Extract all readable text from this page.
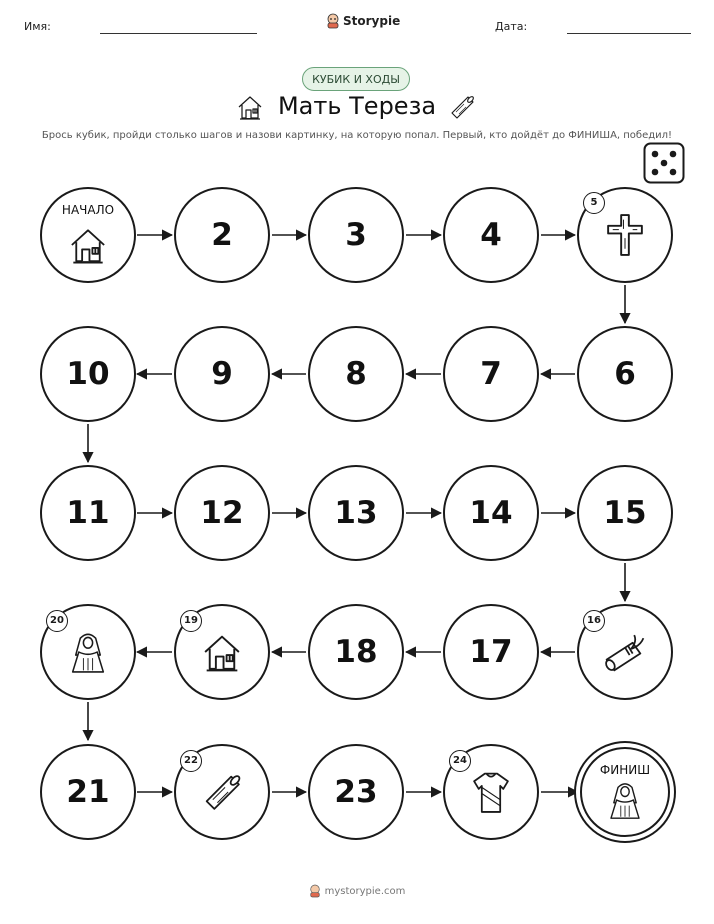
Имя:	Storypie	Дата:
КУБИК И ХОДЫ
Мать Тереза
Брось кубик, пройди столько шагов и назови картинку, на которую попал. Первый, кто дойдёт до ФИНИША, победил!
НАЧАЛО
2	3	4
5
6
7
8
9
10
11	12	13	14	15
16
17
18
19
20
21
22
23
24
ФИНИШ
mystorypie.com
